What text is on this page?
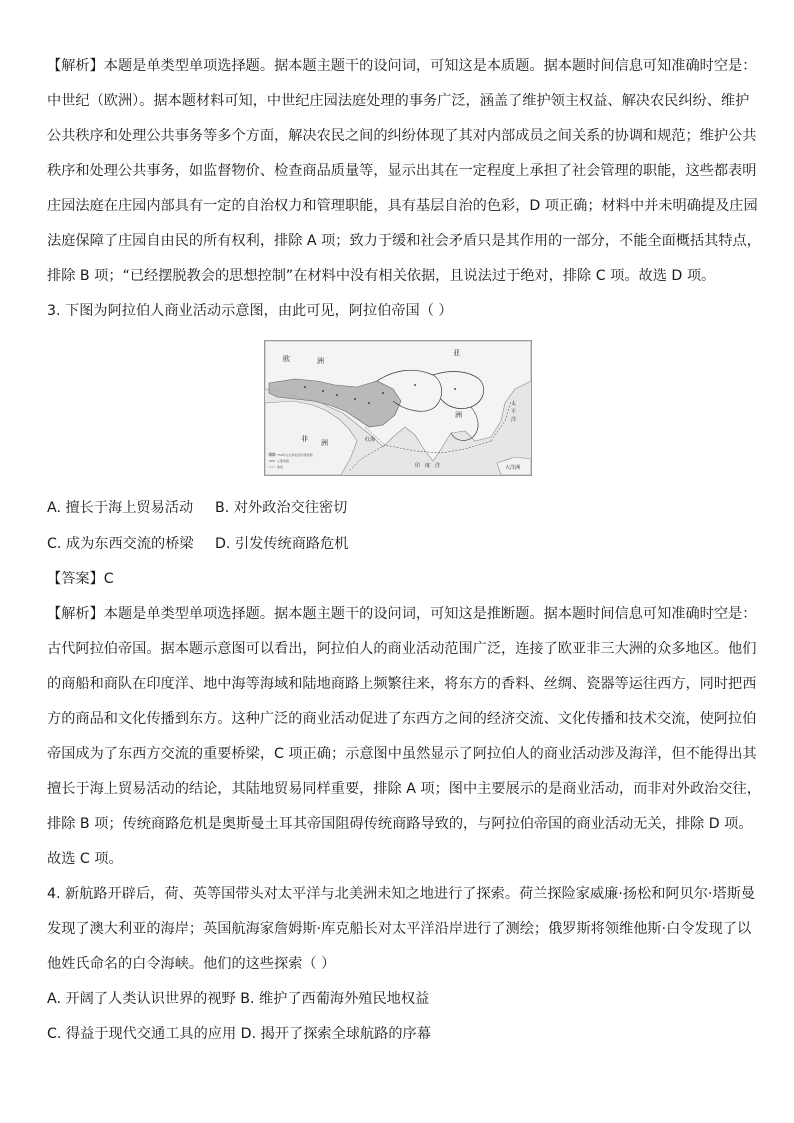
【解析】本题是单类型单项选择题。据本题主题干的设问词，可知这是本质题。据本题时间信息可知准确时空是：
中世纪（欧洲）。据本题材料可知，中世纪庄园法庭处理的事务广泛，涵盖了维护领主权益、解决农民纠纷、维护
公共秩序和处理公共事务等多个方面，解决农民之间的纠纷体现了其对内部成员之间关系的协调和规范；维护公共
秩序和处理公共事务，如监督物价、检查商品质量等，显示出其在一定程度上承担了社会管理的职能，这些都表明
庄园法庭在庄园内部具有一定的自治权力和管理职能，具有基层自治的色彩，D 项正确；材料中并未明确提及庄园
法庭保障了庄园自由民的所有权利，排除 A 项；致力于缓和社会矛盾只是其作用的一部分，不能全面概括其特点，
排除 B 项；“已经摆脱教会的思想控制”在材料中没有相关依据，且说法过于绝对，排除 C 项。故选 D 项。
3. 下图为阿拉伯人商业活动示意图，由此可见，阿拉伯帝国（ ）
欧	洲
非 洲
亚
洲
红海
太
平
洋
大洋洲
印 度 洋
750年左右阿拉伯帝国版图
主要商路
航线
A. 擅长于海上贸易活动 B. 对外政治交往密切
C. 成为东西交流的桥梁 D. 引发传统商路危机
【答案】C
【解析】本题是单类型单项选择题。据本题主题干的设问词，可知这是推断题。据本题时间信息可知准确时空是：
古代阿拉伯帝国。据本题示意图可以看出，阿拉伯人的商业活动范围广泛，连接了欧亚非三大洲的众多地区。他们
的商船和商队在印度洋、地中海等海域和陆地商路上频繁往来，将东方的香料、丝绸、瓷器等运往西方，同时把西
方的商品和文化传播到东方。这种广泛的商业活动促进了东西方之间的经济交流、文化传播和技术交流，使阿拉伯
帝国成为了东西方交流的重要桥梁，C 项正确；示意图中虽然显示了阿拉伯人的商业活动涉及海洋，但不能得出其
擅长于海上贸易活动的结论，其陆地贸易同样重要，排除 A 项；图中主要展示的是商业活动，而非对外政治交往，
排除 B 项；传统商路危机是奥斯曼土耳其帝国阻碍传统商路导致的，与阿拉伯帝国的商业活动无关，排除 D 项。
故选 C 项。
4. 新航路开辟后，荷、英等国带头对太平洋与北美洲未知之地进行了探索。荷兰探险家威廉·扬松和阿贝尔·塔斯曼
发现了澳大利亚的海岸；英国航海家詹姆斯·库克船长对太平洋沿岸进行了测绘；俄罗斯将领维他斯·白令发现了以
他姓氏命名的白令海峡。他们的这些探索（ ）
A. 开阔了人类认识世界的视野 B. 维护了西葡海外殖民地权益
C. 得益于现代交通工具的应用 D. 揭开了探索全球航路的序幕
